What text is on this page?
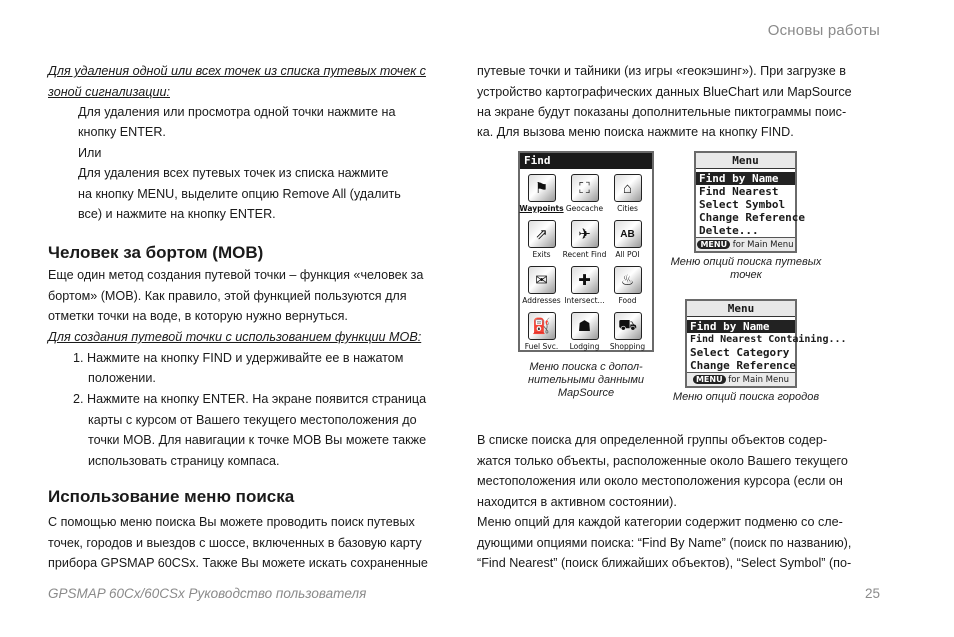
Основы работы
GPSMAP 60Cx/60CSx Руководство пользователя	25
Для удаления одной или всех точек из списка путевых точек с
зоной сигнализации:
Для удаления или просмотра одной точки нажмите на
кнопку ENTER.
Или
Для удаления всех путевых точек из списка нажмите
на кнопку MENU, выделите опцию Remove All (удалить
все) и нажмите на кнопку ENTER.
Человек за бортом (MOB)
Еще один метод создания путевой точки – функция «человек за
бортом» (MOB). Как правило, этой функцией пользуются для
отметки точки на воде, в которую нужно вернуться.
Для создания путевой точки с использованием функции MOB:
1. Нажмите на кнопку FIND и удерживайте ее в нажатом
положении.
2. Нажмите на кнопку ENTER. На экране появится страница
карты с курсом от Вашего текущего местоположения до
точки MOB. Для навигации к точке MOB Вы можете также
использовать страницу компаса.
Использование меню поиска
С помощью меню поиска Вы можете проводить поиск путевых
точек, городов и выездов с шоссе, включенных в базовую карту
прибора GPSMAP 60CSx. Также Вы можете искать сохраненные
путевые точки и тайники (из игры «геокэшинг»). При загрузке в
устройство картографических данных BlueChart или MapSource
на экране будут показаны дополнительные пиктограммы поис-
ка. Для вызова меню поиска нажмите на кнопку FIND.
Find
⚑
Waypoints
⛶
Geocache
⌂
Cities
⇗
Exits
✈
Recent Find
AB
All POI
✉
Addresses
✚
Intersect...
♨
Food
⛽
Fuel Svc.
☗
Lodging
⛟
Shopping
Меню поиска с допол-
нительными данными
MapSource
Menu
Find by Name
Find Nearest
Select Symbol
Change Reference
Delete...
MENU for Main Menu
Меню опций поиска путевых
точек
Menu
Find by Name
Find Nearest Containing...
Select Category
Change Reference
MENU for Main Menu
Меню опций поиска городов
В списке поиска для определенной группы объектов содер-
жатся только объекты, расположенные около Вашего текущего
местоположения или около местоположения курсора (если он
находится в активном состоянии).
Меню опций для каждой категории содержит подменю со сле-
дующими опциями поиска: “Find By Name” (поиск по названию),
“Find Nearest” (поиск ближайших объектов), “Select Symbol” (по-
